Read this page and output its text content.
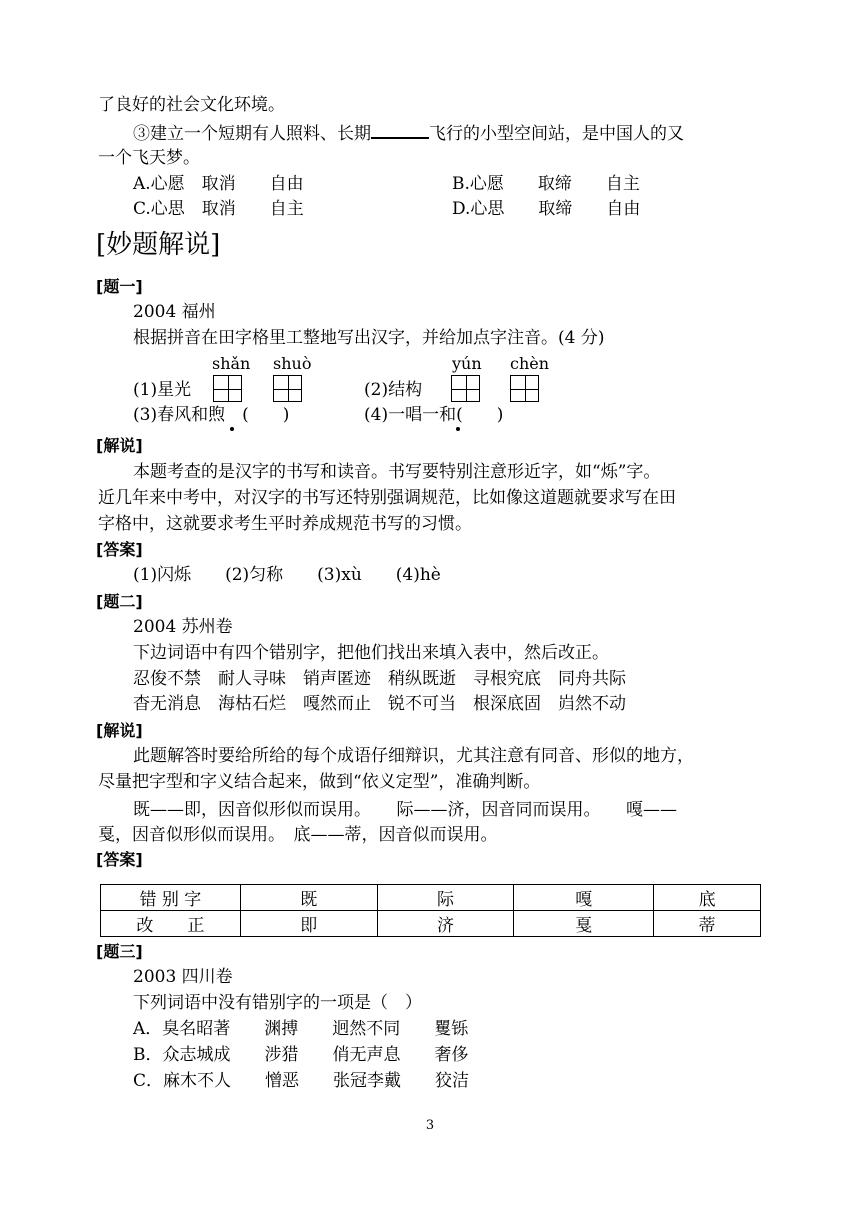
了良好的社会文化环境。
③建立一个短期有人照料、长期	飞行的小型空间站，是中国人的又
一个飞天梦。
A.心愿　取消　　自由	B.心愿　　取缔　　自主
C.心思　取消　　自主	D.心思　　取缔　　自由
[妙题解说]
[题一]
2004 福州
根据拼音在田字格里工整地写出汉字，并给加点字注音。(4 分)
shǎn shuò	yún chèn
(1)星光	(2)结构
(3)春风和煦　(　　)	(4)一唱一和(　　)
[解说]
本题考查的是汉字的书写和读音。书写要特别注意形近字，如“烁”字。
近几年来中考中，对汉字的书写还特别强调规范，比如像这道题就要求写在田
字格中，这就要求考生平时养成规范书写的习惯。
[答案]
(1)闪烁　　(2)匀称　　(3)xù　　(4)hè
[题二]
2004 苏州卷
下边词语中有四个错别字，把他们找出来填入表中，然后改正。
忍俊不禁　耐人寻味　销声匿迹　稍纵既逝　寻根究底　同舟共际
杳无消息　海枯石烂　嘎然而止　锐不可当　根深底固　岿然不动
[解说]
此题解答时要给所给的每个成语仔细辩识，尤其注意有同音、形似的地方，
尽量把字型和字义结合起来，做到“依义定型”，准确判断。
既——即，因音似形似而误用。　　际——济，因音同而误用。　　嘎——
戛，因音似形似而误用。　底——蒂，因音似而误用。
[答案]
错 别 字	既	际	嘎	底
改　　正	即	济	戛	蒂
[题三]
2003 四川卷
下列词语中没有错别字的一项是（　）
A．臭名昭著　　渊搏　　迥然不同　　矍铄
B．众志城成　　涉猎　　俏无声息　　奢侈
C．麻木不人　　憎恶　　张冠李戴　　狡洁
3
